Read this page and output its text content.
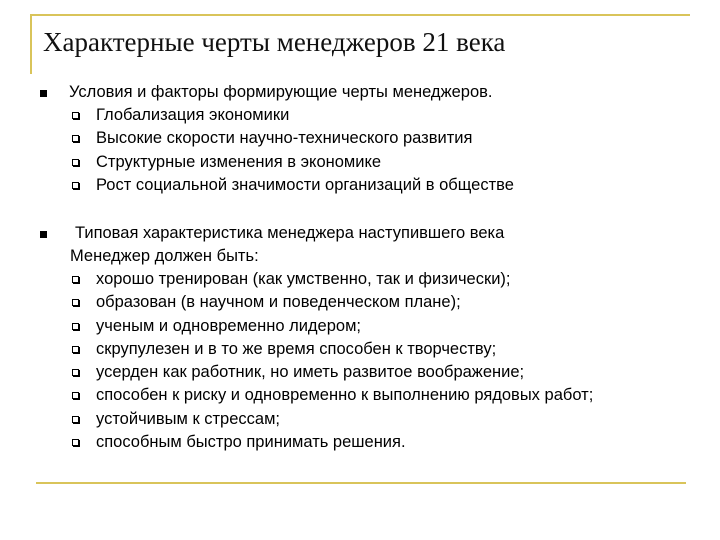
Характерные черты менеджеров 21 века
Условия и факторы формирующие черты менеджеров.
Глобализация экономики
Высокие скорости научно-технического развития
Структурные изменения в экономике
Рост социальной значимости организаций в обществе
Типовая характеристика менеджера наступившего века
Менеджер должен быть:
хорошо тренирован (как умственно, так и физически);
образован (в научном и поведенческом плане);
ученым и одновременно лидером;
скрупулезен и в то же время способен к творчеству;
усерден как работник, но иметь развитое воображение;
способен к риску и одновременно к выполнению рядовых работ;
устойчивым к стрессам;
способным быстро принимать решения.
